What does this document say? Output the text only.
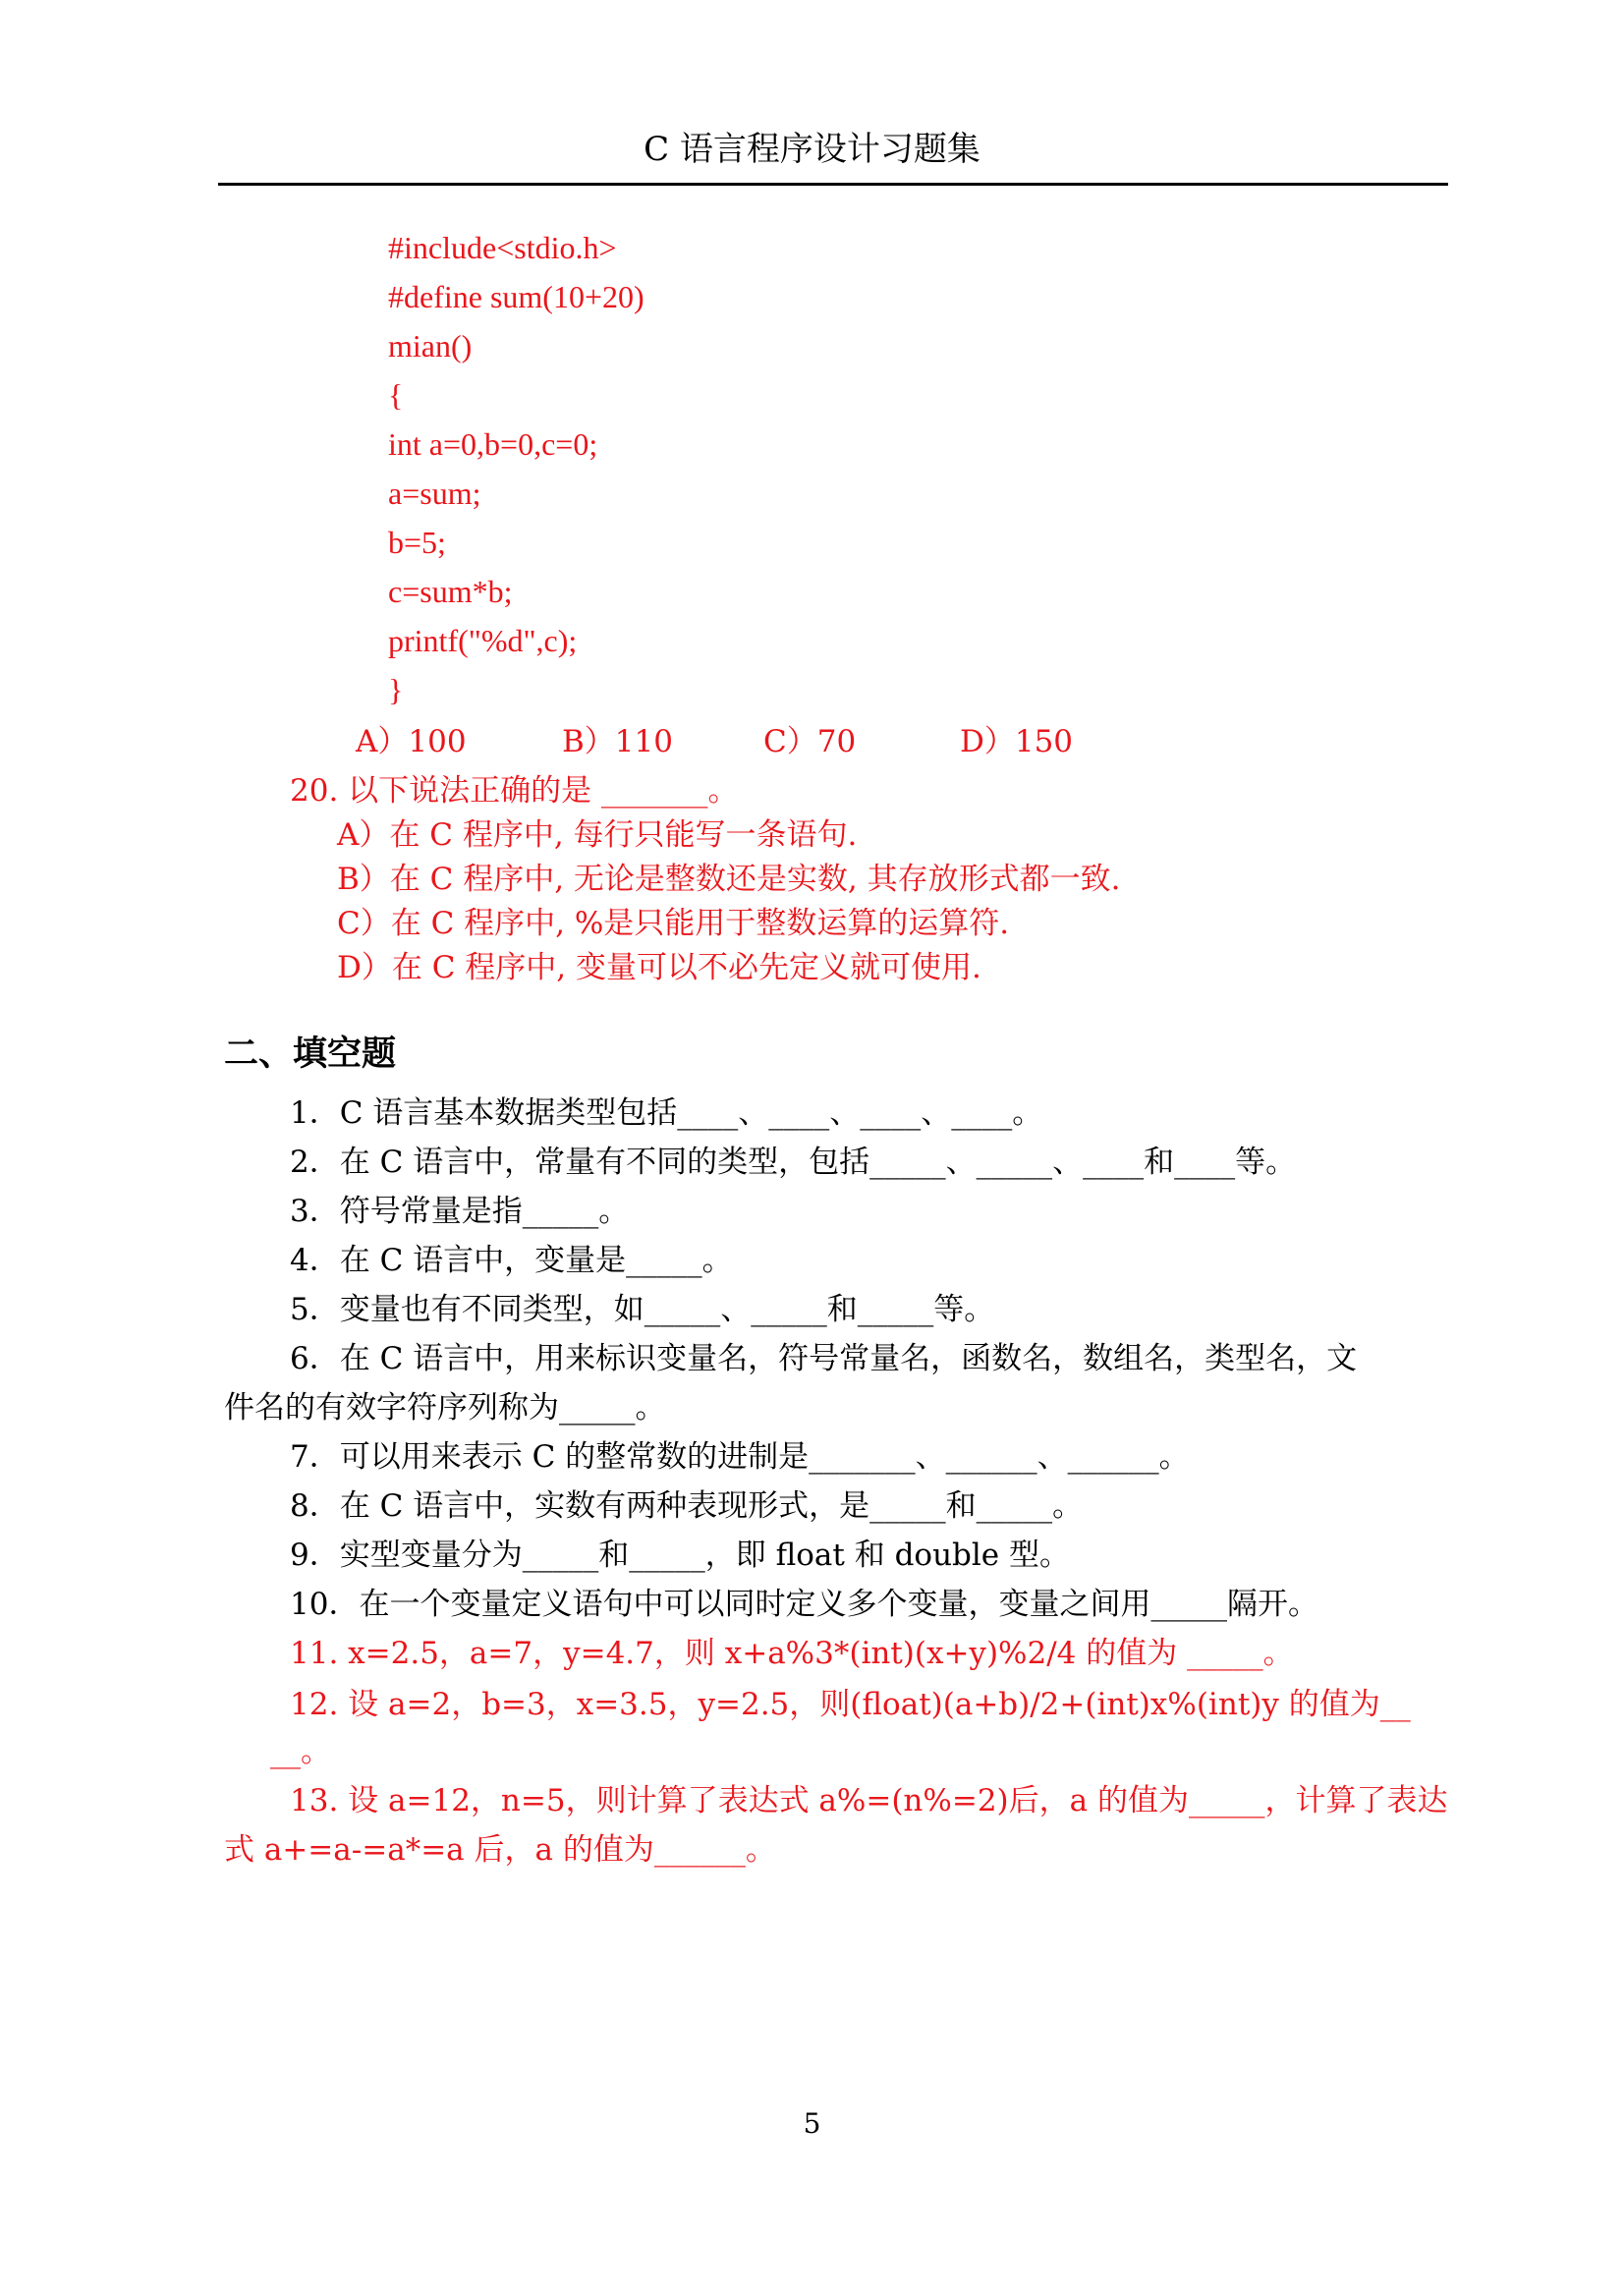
C 语言程序设计习题集
#include<stdio.h>
#define sum(10+20)
mian()
{
int a=0,b=0,c=0;
a=sum;
b=5;
c=sum*b;
printf("%d",c);
}
A）100	B）110	C）70	D）150
20. 以下说法正确的是 _______。
A）在 C 程序中, 每行只能写一条语句.
B）在 C 程序中, 无论是整数还是实数, 其存放形式都一致.
C）在 C 程序中, %是只能用于整数运算的运算符.
D）在 C 程序中, 变量可以不必先定义就可使用.
二、填空题
1．C 语言基本数据类型包括____、____、____、____。
2．在 C 语言中，常量有不同的类型，包括_____、_____、____和____等。
3．符号常量是指_____。
4．在 C 语言中，变量是_____。
5．变量也有不同类型，如_____、_____和_____等。
6．在 C 语言中，用来标识变量名，符号常量名，函数名，数组名，类型名，文
件名的有效字符序列称为_____。
7．可以用来表示 C 的整常数的进制是_______、______、______。
8．在 C 语言中，实数有两种表现形式，是_____和_____。
9．实型变量分为_____和_____，即 float 和 double 型。
10．在一个变量定义语句中可以同时定义多个变量，变量之间用_____隔开。
11. x=2.5，a=7，y=4.7，则 x+a%3*(int)(x+y)%2/4 的值为 _____。
12. 设 a=2，b=3，x=3.5，y=2.5，则(float)(a+b)/2+(int)x%(int)y 的值为__
__。
13. 设 a=12，n=5，则计算了表达式 a%=(n%=2)后，a 的值为_____，计算了表达
式 a+=a-=a*=a 后，a 的值为______。
5
